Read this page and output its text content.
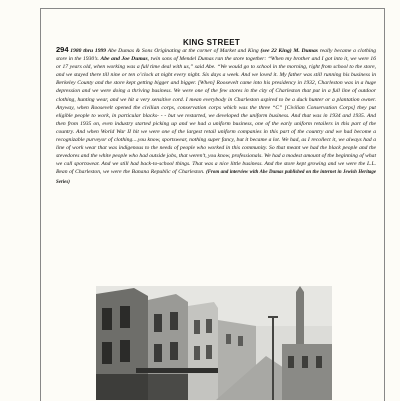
KING STREET
294 1980 thru 1999 Abe Dumas & Sons Originating at the corner of Market and King (see 22 King) M. Dumas really became a clothing store in the 1930’s. Abe and Joe Dumas, twin sons of Mendel Dumas ran the store together: “When my brother and I got into it, we were 16 or 17 years old, when working was a full time deal with us,” said Abe. “We would go to school in the morning, right from school to the store, and we stayed there till nine or ten o’clock at night every night. Six days a week. And we loved it. My father was still running his business in Berkeley County and the store kept getting bigger and bigger. [When] Roosevelt came into his presidency in 1932, Charleston was in a huge depression and we were doing a thriving business. We were one of the few stores in the city of Charleston that put in a full line of outdoor clothing, hunting wear, and we hit a very sensitive cord. I mean everybody in Charleston aspired to be a duck hunter or a plantation owner. Anyway, when Roosevelt opened the civilian corps, conservation corps which was the three “C” [Civilian Conservation Corps] they put eligible people to work, in particular blacks- - - but we restarted, we developed the uniform business. And that was in 1934 and 1935. And then from 1935 on, even industry started picking up and we had a uniform business, one of the early uniform retailers in this part of the country. And when World War II hit we were one of the largest retail uniform companies in this part of the country and we had become a recognizable purveyor of clothing....you know, sportswear, nothing super fancy, but it became a lot. We had, as I recollect it, we always had a line of work wear that was indigenous to the needs of people who worked in this community. So that meant we had the black people and the stevedores and the white people who had outside jobs, that weren’t, you know, professionals. We had a modest amount of the beginning of what we call sportswear. And we still had back-to-school things. That was a nice little business. And the store kept growing and we were the L.L. Bean of Charleston, we were the Banana Republic of Charleston. (From and interview with Abe Dumas published on the internet in Jewish Heritage Series)
